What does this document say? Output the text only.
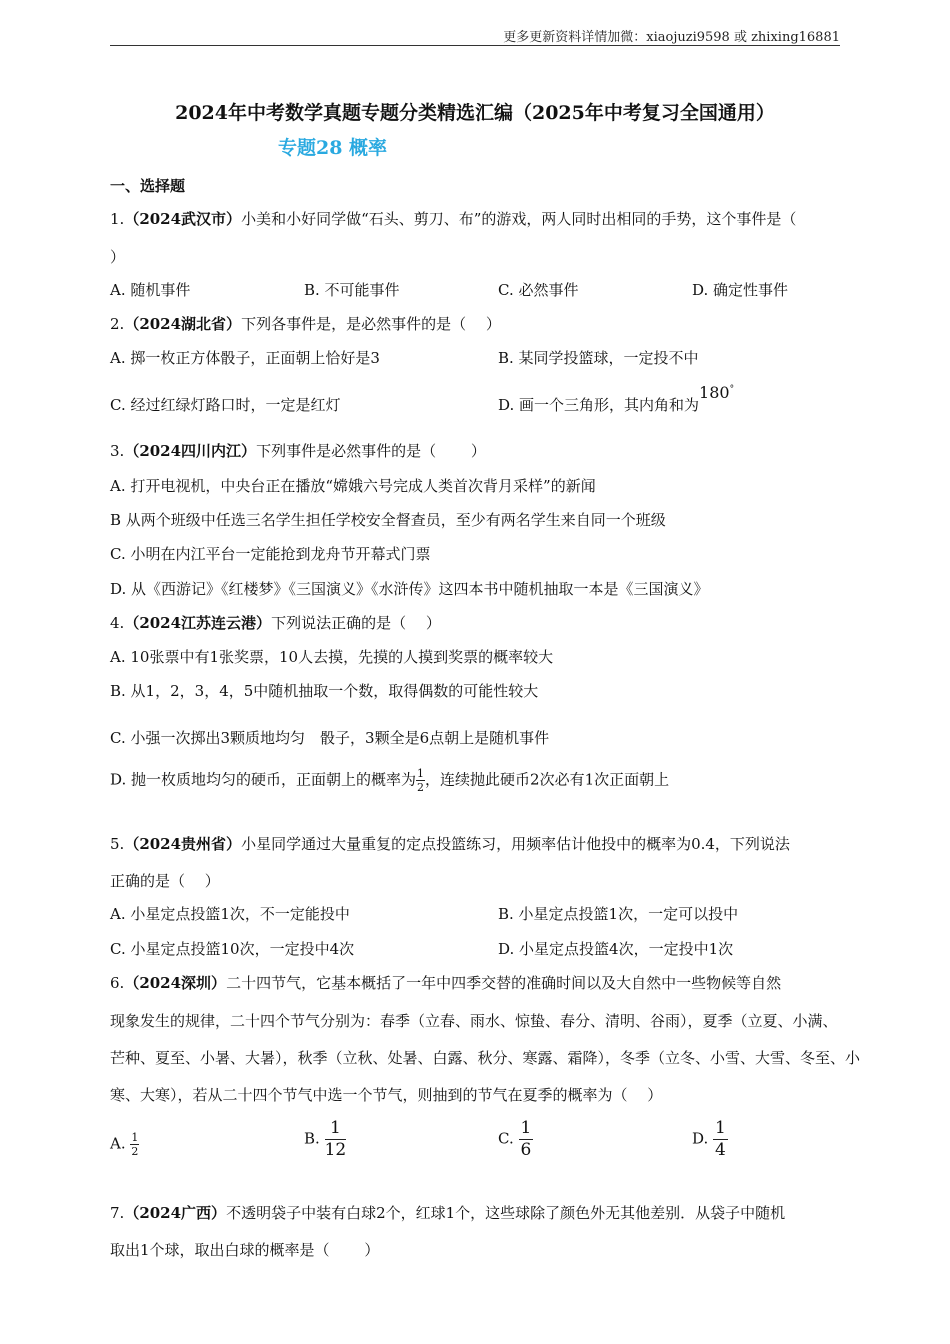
更多更新资料详情加微：xiaojuzi9598 或 zhixing16881
2024年中考数学真题专题分类精选汇编（2025年中考复习全国通用）
专题28 概率
一、选择题
1.（2024武汉市）小美和小好同学做“石头、剪刀、布”的游戏，两人同时出相同的手势，这个事件是（
）
A. 随机事件	B. 不可能事件	C. 必然事件	D. 确定性事件
2.（2024湖北省）下列各事件是，是必然事件的是（　 ）
A. 掷一枚正方体骰子，正面朝上恰好是3	B. 某同学投篮球，一定投不中
C. 经过红绿灯路口时，一定是红灯	D. 画一个三角形，其内角和为180°
3.（2024四川内江）下列事件是必然事件的是（　　 ）
A. 打开电视机，中央台正在播放“嫦娥六号完成人类首次背月采样”的新闻
B 从两个班级中任选三名学生担任学校安全督查员，至少有两名学生来自同一个班级
C. 小明在内江平台一定能抢到龙舟节开幕式门票
D. 从《西游记》《红楼梦》《三国演义》《水浒传》这四本书中随机抽取一本是《三国演义》
4.（2024江苏连云港）下列说法正确的是（　 ）
A. 10张票中有1张奖票，10人去摸，先摸的人摸到奖票的概率较大
B. 从1，2，3，4，5中随机抽取一个数，取得偶数的可能性较大
C. 小强一次掷出3颗质地均匀　骰子，3颗全是6点朝上是随机事件
D. 抛一枚质地均匀的硬币，正面朝上的概率为 $\frac{1}{2}$ ，连续抛此硬币2次必有1次正面朝上
5.（2024贵州省）小星同学通过大量重复的定点投篮练习，用频率估计他投中的概率为0.4，下列说法
正确的是（　 ）
A. 小星定点投篮1次，不一定能投中	B. 小星定点投篮1次，一定可以投中
C. 小星定点投篮10次，一定投中4次	D. 小星定点投篮4次，一定投中1次
6.（2024深圳）二十四节气，它基本概括了一年中四季交替的准确时间以及大自然中一些物候等自然
现象发生的规律，二十四个节气分别为：春季（立春、雨水、惊蛰、春分、清明、谷雨），夏季（立夏、小满、
芒种、夏至、小暑、大暑），秋季（立秋、处暑、白露、秋分、寒露、霜降），冬季（立冬、小雪、大雪、冬至、小
寒、大寒），若从二十四个节气中选一个节气，则抽到的节气在夏季的概率为（　 ）
A. $\frac{1}{2}$	B. $\frac{1}{12}$	C. $\frac{1}{6}$	D. $\frac{1}{4}$
7.（2024广西）不透明袋子中装有白球2个，红球1个，这些球除了颜色外无其他差别．从袋子中随机
取出1个球，取出白球的概率是（　　 ）
